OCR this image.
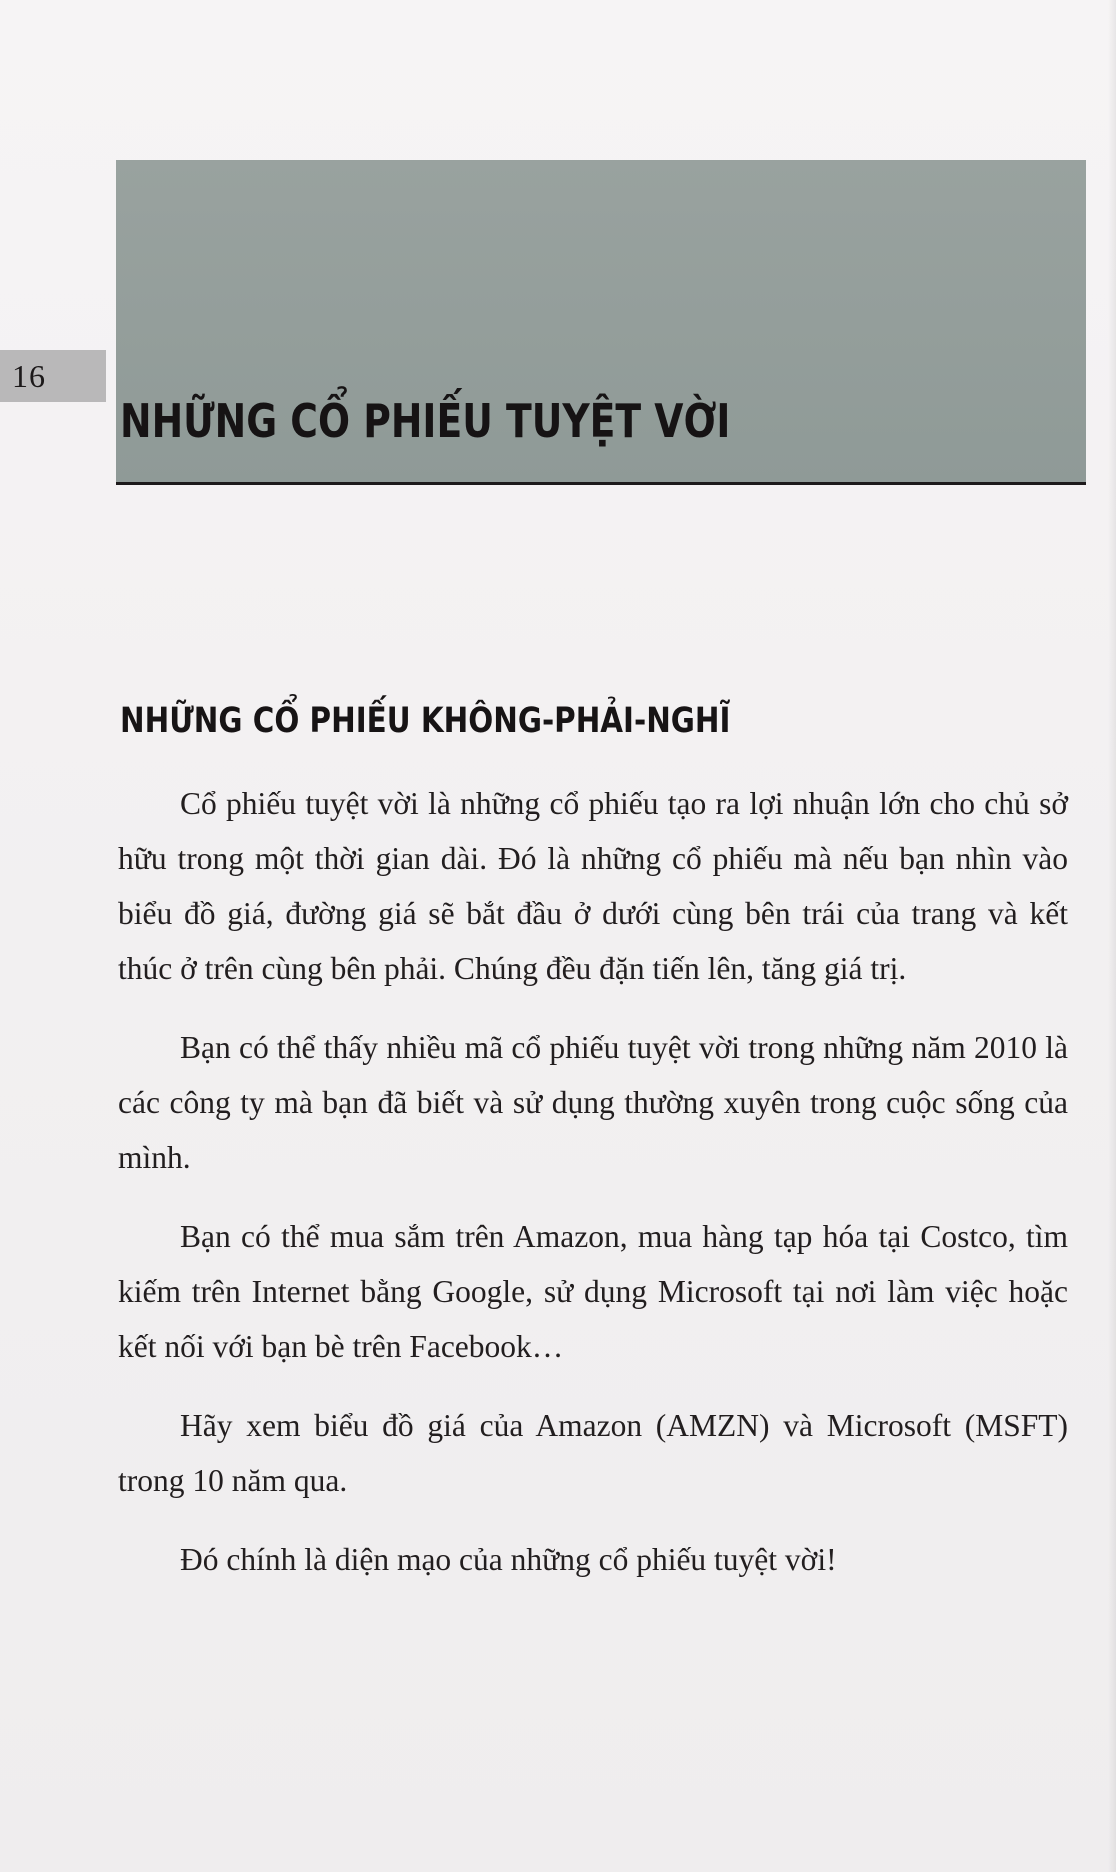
16
NHỮNG CỔ PHIẾU TUYỆT VỜI
NHỮNG CỔ PHIẾU KHÔNG-PHẢI-NGHĨ

Cổ phiếu tuyệt vời là những cổ phiếu tạo ra lợi nhuận lớn cho chủ sở hữu trong một thời gian dài. Đó là những cổ phiếu mà nếu bạn nhìn vào biểu đồ giá, đường giá sẽ bắt đầu ở dưới cùng bên trái của trang và kết thúc ở trên cùng bên phải. Chúng đều đặn tiến lên, tăng giá trị.

Bạn có thể thấy nhiều mã cổ phiếu tuyệt vời trong những năm 2010 là các công ty mà bạn đã biết và sử dụng thường xuyên trong cuộc sống của mình.

Bạn có thể mua sắm trên Amazon, mua hàng tạp hóa tại Costco, tìm kiếm trên Internet bằng Google, sử dụng Microsoft tại nơi làm việc hoặc kết nối với bạn bè trên Facebook…

Hãy xem biểu đồ giá của Amazon (AMZN) và Microsoft (MSFT) trong 10 năm qua.

Đó chính là diện mạo của những cổ phiếu tuyệt vời!
